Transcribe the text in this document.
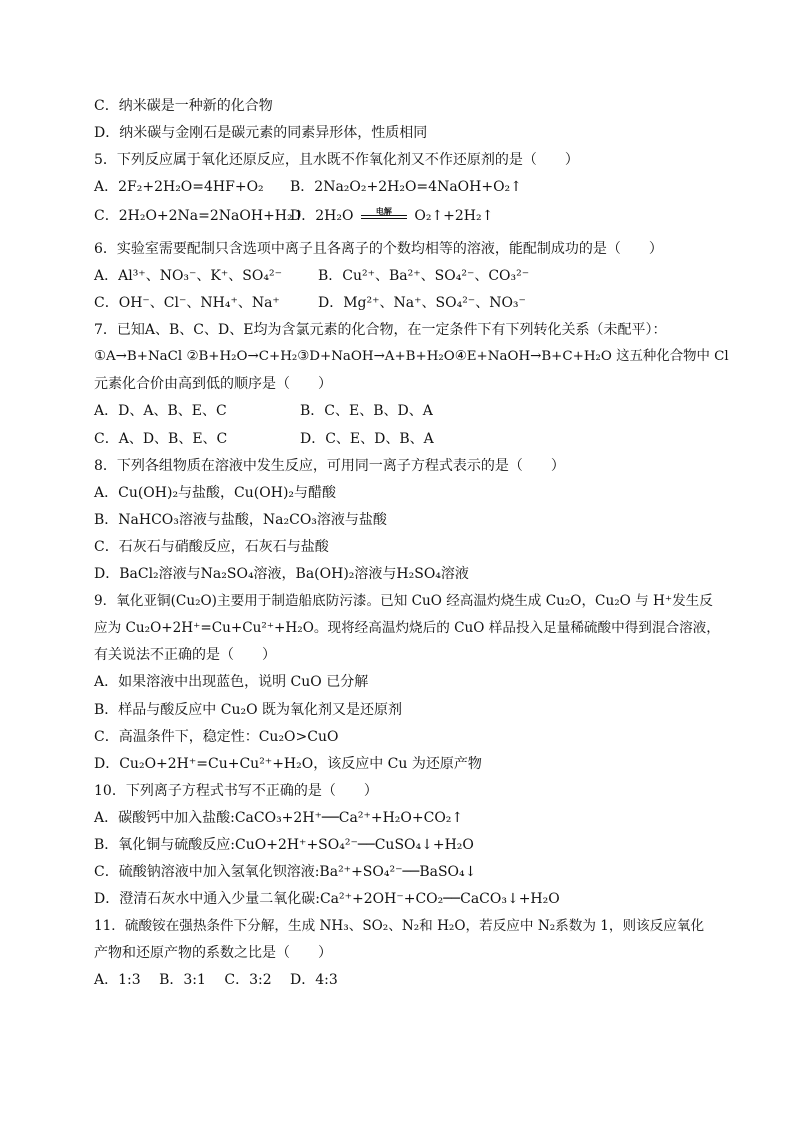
C．纳米碳是一种新的化合物
D．纳米碳与金刚石是碳元素的同素异形体，性质相同
5．下列反应属于氧化还原反应，且水既不作氧化剂又不作还原剂的是（　　）
A．2F₂+2H₂O=4HF+O₂ B．2Na₂O₂+2H₂O=4NaOH+O₂↑
C．2H₂O+2Na=2NaOH+H₂↑
D．2H₂O	电解	O₂↑+2H₂↑
6．实验室需要配制只含选项中离子且各离子的个数均相等的溶液，能配制成功的是（　　）
A．Al³⁺、NO₃⁻、K⁺、SO₄²⁻	B．Cu²⁺、Ba²⁺、SO₄²⁻、CO₃²⁻
C．OH⁻、Cl⁻、NH₄⁺、Na⁺	D．Mg²⁺、Na⁺、SO₄²⁻、NO₃⁻
7．已知A、B、C、D、E均为含氯元素的化合物，在一定条件下有下列转化关系（未配平）：
①A→B+NaCl ②B+H₂O→C+H₂③D+NaOH→A+B+H₂O④E+NaOH→B+C+H₂O 这五种化合物中 Cl
元素化合价由高到低的顺序是（　　）
A．D、A、B、E、C	B．C、E、B、D、A
C．A、D、B、E、C	D．C、E、D、B、A
8．下列各组物质在溶液中发生反应，可用同一离子方程式表示的是（　　）
A．Cu(OH)₂与盐酸，Cu(OH)₂与醋酸
B．NaHCO₃溶液与盐酸，Na₂CO₃溶液与盐酸
C．石灰石与硝酸反应，石灰石与盐酸
D．BaCl₂溶液与Na₂SO₄溶液，Ba(OH)₂溶液与H₂SO₄溶液
9．氧化亚铜(Cu₂O)主要用于制造船底防污漆。已知 CuO 经高温灼烧生成 Cu₂O，Cu₂O 与 H⁺发生反
应为 Cu₂O+2H⁺=Cu+Cu²⁺+H₂O。现将经高温灼烧后的 CuO 样品投入足量稀硫酸中得到混合溶液，
有关说法不正确的是（　　）
A．如果溶液中出现蓝色，说明 CuO 已分解
B．样品与酸反应中 Cu₂O 既为氧化剂又是还原剂
C．高温条件下，稳定性：Cu₂O>CuO
D．Cu₂O+2H⁺=Cu+Cu²⁺+H₂O，该反应中 Cu 为还原产物
10．下列离子方程式书写不正确的是（　　）
A．碳酸钙中加入盐酸:CaCO₃+2H⁺──Ca²⁺+H₂O+CO₂↑
B．氧化铜与硫酸反应:CuO+2H⁺+SO₄²⁻──CuSO₄↓+H₂O
C．硫酸钠溶液中加入氢氧化钡溶液:Ba²⁺+SO₄²⁻──BaSO₄↓
D．澄清石灰水中通入少量二氧化碳:Ca²⁺+2OH⁻+CO₂──CaCO₃↓+H₂O
11．硫酸铵在强热条件下分解，生成 NH₃、SO₂、N₂和 H₂O，若反应中 N₂系数为 1，则该反应氧化
产物和还原产物的系数之比是（　　）
A．1:3　 B．3:1　 C．3:2　 D．4:3
